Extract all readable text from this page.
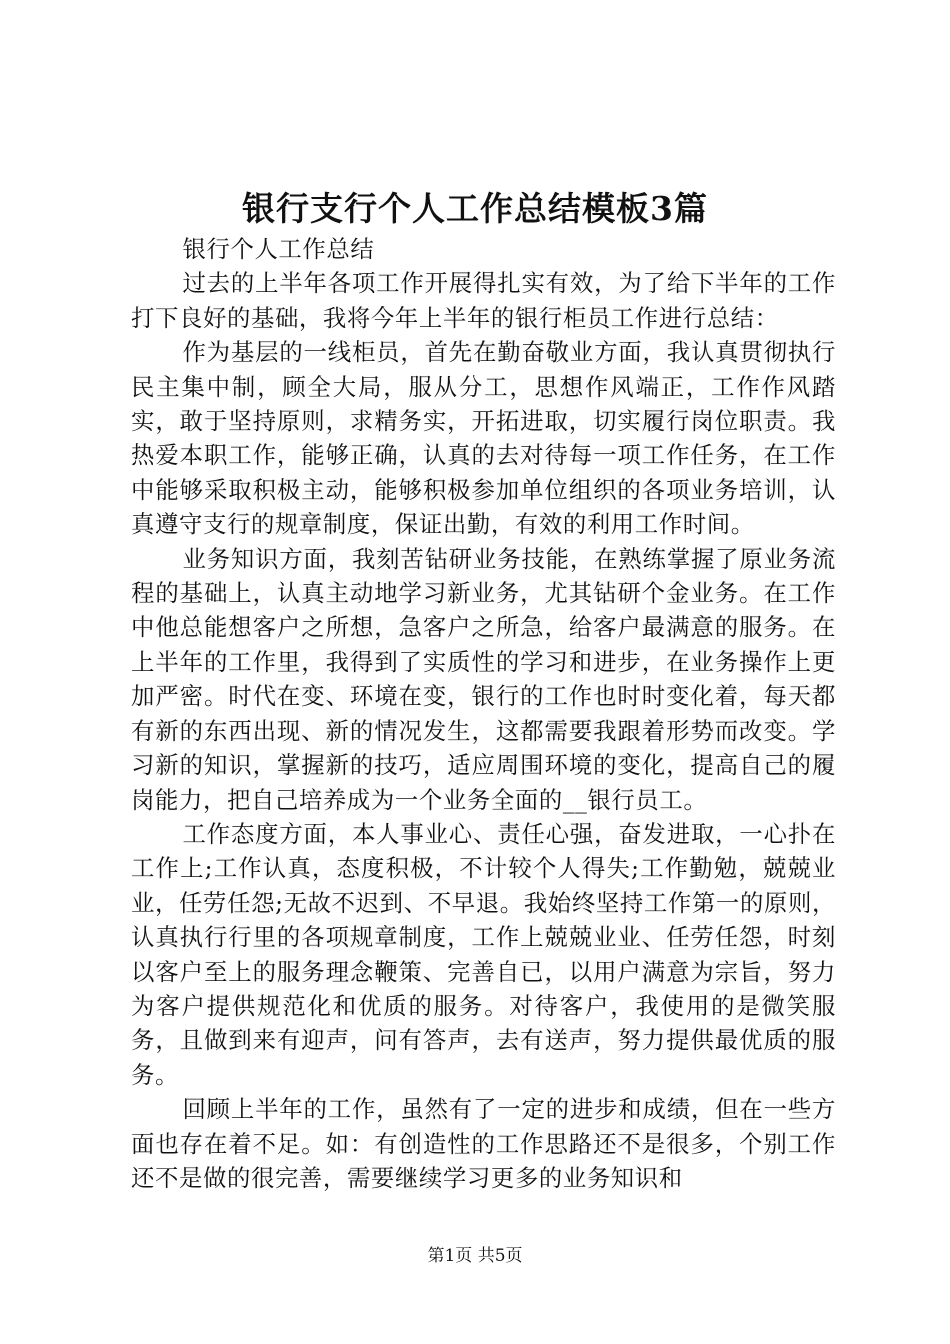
银行支行个人工作总结模板3篇

银行个人工作总结

过去的上半年各项工作开展得扎实有效，为了给下半年的工作打下良好的基础，我将今年上半年的银行柜员工作进行总结：

作为基层的一线柜员，首先在勤奋敬业方面，我认真贯彻执行民主集中制，顾全大局，服从分工，思想作风端正，工作作风踏实，敢于坚持原则，求精务实，开拓进取，切实履行岗位职责。我热爱本职工作，能够正确，认真的去对待每一项工作任务，在工作中能够采取积极主动，能够积极参加单位组织的各项业务培训，认真遵守支行的规章制度，保证出勤，有效的利用工作时间。

业务知识方面，我刻苦钻研业务技能，在熟练掌握了原业务流程的基础上，认真主动地学习新业务，尤其钻研个金业务。在工作中他总能想客户之所想，急客户之所急，给客户最满意的服务。在上半年的工作里，我得到了实质性的学习和进步，在业务操作上更加严密。时代在变、环境在变，银行的工作也时时变化着，每天都有新的东西出现、新的情况发生，这都需要我跟着形势而改变。学习新的知识，掌握新的技巧，适应周围环境的变化，提高自己的履岗能力，把自己培养成为一个业务全面的__银行员工。

工作态度方面，本人事业心、责任心强，奋发进取，一心扑在工作上;工作认真，态度积极，不计较个人得失;工作勤勉，兢兢业业，任劳任怨;无故不迟到、不早退。我始终坚持工作第一的原则，认真执行行里的各项规章制度，工作上兢兢业业、任劳任怨，时刻以客户至上的服务理念鞭策、完善自已，以用户满意为宗旨，努力为客户提供规范化和优质的服务。对待客户，我使用的是微笑服务，且做到来有迎声，问有答声，去有送声，努力提供最优质的服务。

回顾上半年的工作，虽然有了一定的进步和成绩，但在一些方面也存在着不足。如：有创造性的工作思路还不是很多，个别工作还不是做的很完善，需要继续学习更多的业务知识和

第1页 共5页
